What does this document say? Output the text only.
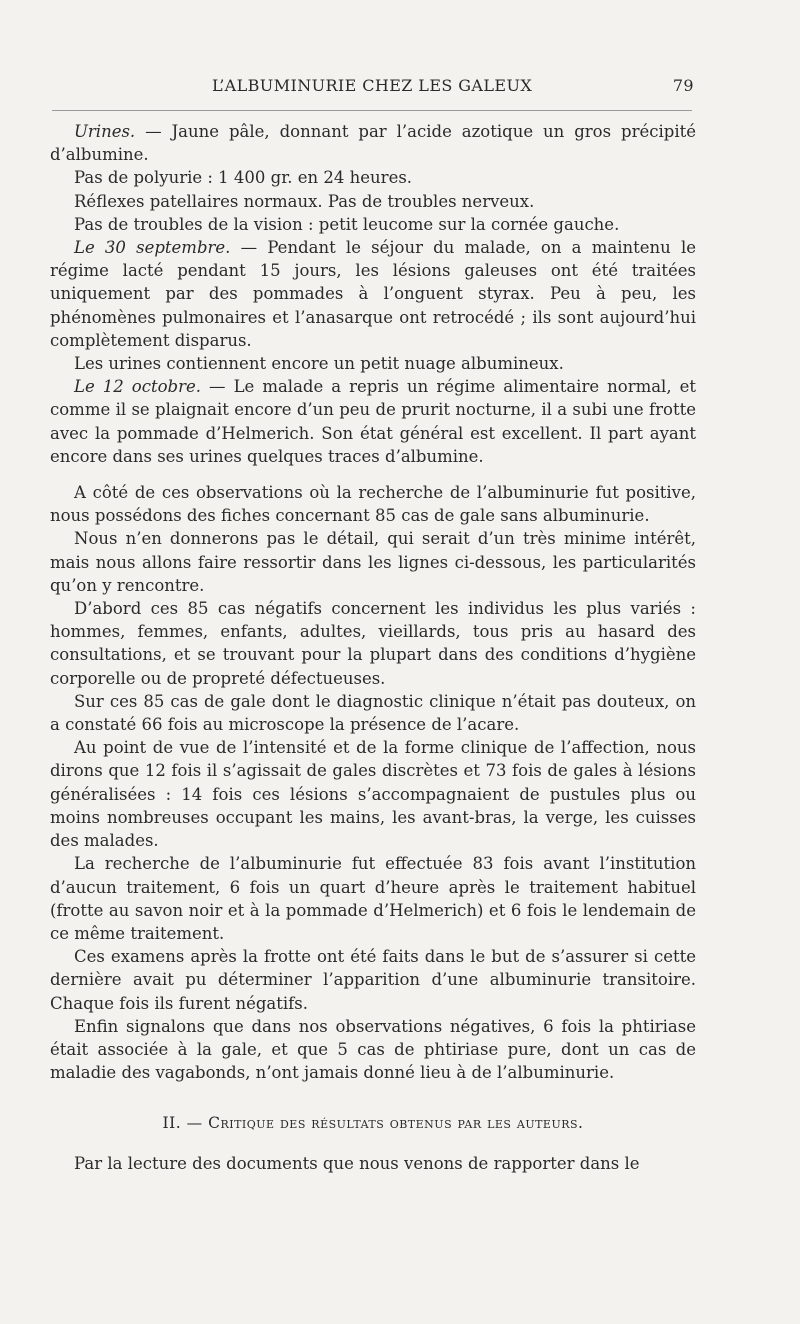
L’ALBUMINURIE CHEZ LES GALEUX	79

Urines. — Jaune pâle, donnant par l’acide azotique un gros précipité d’albumine.

Pas de polyurie : 1 400 gr. en 24 heures.

Réflexes patellaires normaux. Pas de troubles nerveux.

Pas de troubles de la vision : petit leucome sur la cornée gauche.

Le 30 septembre. — Pendant le séjour du malade, on a maintenu le régime lacté pendant 15 jours, les lésions galeuses ont été traitées uniquement par des pommades à l’onguent styrax. Peu à peu, les phénomènes pulmonaires et l’anasarque ont retrocédé ; ils sont aujourd’hui complètement disparus.

Les urines contiennent encore un petit nuage albumineux.

Le 12 octobre. — Le malade a repris un régime alimentaire normal, et comme il se plaignait encore d’un peu de prurit nocturne, il a subi une frotte avec la pommade d’Helmerich. Son état général est excellent. Il part ayant encore dans ses urines quelques traces d’albumine.

A côté de ces observations où la recherche de l’albuminurie fut positive, nous possédons des fiches concernant 85 cas de gale sans albuminurie.

Nous n’en donnerons pas le détail, qui serait d’un très minime intérêt, mais nous allons faire ressortir dans les lignes ci-dessous, les particularités qu’on y rencontre.

D’abord ces 85 cas négatifs concernent les individus les plus variés : hommes, femmes, enfants, adultes, vieillards, tous pris au hasard des consultations, et se trouvant pour la plupart dans des conditions d’hygiène corporelle ou de propreté défectueuses.

Sur ces 85 cas de gale dont le diagnostic clinique n’était pas douteux, on a constaté 66 fois au microscope la présence de l’acare.

Au point de vue de l’intensité et de la forme clinique de l’affection, nous dirons que 12 fois il s’agissait de gales discrètes et 73 fois de gales à lésions généralisées : 14 fois ces lésions s’accompagnaient de pustules plus ou moins nombreuses occupant les mains, les avant-bras, la verge, les cuisses des malades.

La recherche de l’albuminurie fut effectuée 83 fois avant l’institution d’aucun traitement, 6 fois un quart d’heure après le traitement habituel (frotte au savon noir et à la pommade d’Helmerich) et 6 fois le lendemain de ce même traitement.

Ces examens après la frotte ont été faits dans le but de s’assurer si cette dernière avait pu déterminer l’apparition d’une albuminurie transitoire. Chaque fois ils furent négatifs.

Enfin signalons que dans nos observations négatives, 6 fois la phtiriase était associée à la gale, et que 5 cas de phtiriase pure, dont un cas de maladie des vagabonds, n’ont jamais donné lieu à de l’albuminurie.

II. — Critique des résultats obtenus par les auteurs.

Par la lecture des documents que nous venons de rapporter dans le
